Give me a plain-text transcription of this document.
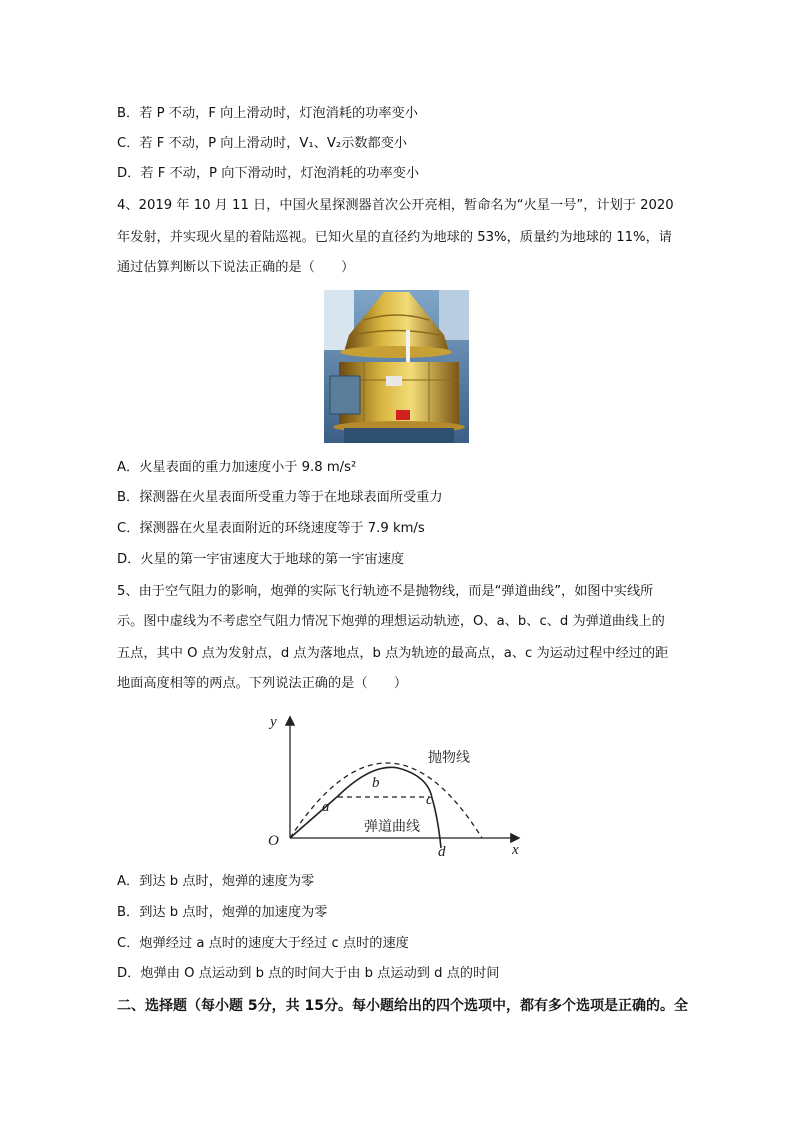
B．若 P 不动，F 向上滑动时，灯泡消耗的功率变小
C．若 F 不动，P 向上滑动时，V₁、V₂示数都变小
D．若 F 不动，P 向下滑动时，灯泡消耗的功率变小
4、2019 年 10 月 11 日，中国火星探测器首次公开亮相，暂命名为“火星一号”，计划于 2020
年发射，并实现火星的着陆巡视。已知火星的直径约为地球的 53%，质量约为地球的 11%，请
通过估算判断以下说法正确的是（　　）
A．火星表面的重力加速度小于 9.8 m/s²
B．探测器在火星表面所受重力等于在地球表面所受重力
C．探测器在火星表面附近的环绕速度等于 7.9 km/s
D．火星的第一宇宙速度大于地球的第一宇宙速度
5、由于空气阻力的影响，炮弹的实际飞行轨迹不是抛物线，而是“弹道曲线”，如图中实线所
示。图中虚线为不考虑空气阻力情况下炮弹的理想运动轨迹，O、a、b、c、d 为弹道曲线上的
五点，其中 O 点为发射点，d 点为落地点，b 点为轨迹的最高点，a、c 为运动过程中经过的距
地面高度相等的两点。下列说法正确的是（　　）
y
x
O
a
b
c
d
抛物线
弹道曲线
A．到达 b 点时，炮弹的速度为零
B．到达 b 点时，炮弹的加速度为零
C．炮弹经过 a 点时的速度大于经过 c 点时的速度
D．炮弹由 O 点运动到 b 点的时间大于由 b 点运动到 d 点的时间
二、选择题（每小题 5分，共 15分。每小题给出的四个选项中，都有多个选项是正确的。全
